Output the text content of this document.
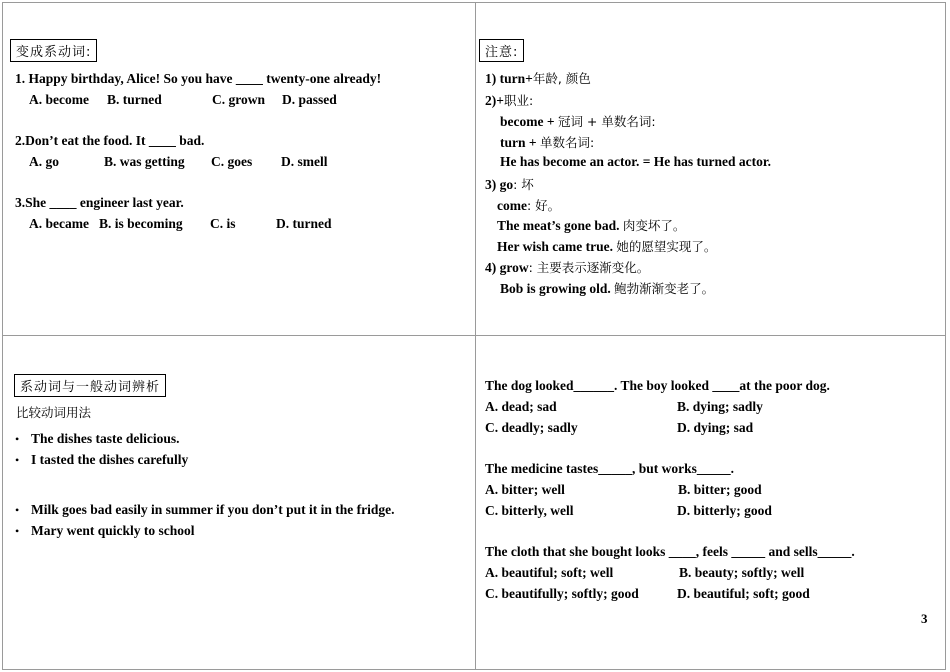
变成系动词:
1. Happy birthday, Alice! So you have ____ twenty-one already!
A. become B. turned	C. grown D. passed
2.Don’t eat the food. It ____ bad.
A. go	B. was getting C. goes D. smell
3.She ____ engineer last year.
A. became B. is becoming C. is	D. turned
注意:
1) turn+年龄, 颜色
2)+职业:
become + 冠词 + 单数名词:
turn + 单数名词:
He has become an actor. = He has turned actor.
3) go: 坏
come: 好。
The meat’s gone bad. 肉变坏了。
Her wish came true. 她的愿望实现了。
4) grow: 主要表示逐渐变化。
Bob is growing old. 鲍勃渐渐变老了。
系动词与一般动词辨析
比较动词用法
• The dishes taste delicious.
• I tasted the dishes carefully
• Milk goes bad easily in summer if you don’t put it in the fridge.
• Mary went quickly to school
The dog looked______. The boy looked ____at the poor dog.
A. dead; sad	B. dying; sadly
C. deadly; sadly	D. dying; sad
The medicine tastes_____, but works_____.
A. bitter; well	B. bitter; good
C. bitterly, well	D. bitterly; good
The cloth that she bought looks ____, feels _____ and sells_____.
A. beautiful; soft; well	B. beauty; softly; well
C. beautifully; softly; good	D. beautiful; soft; good
3
